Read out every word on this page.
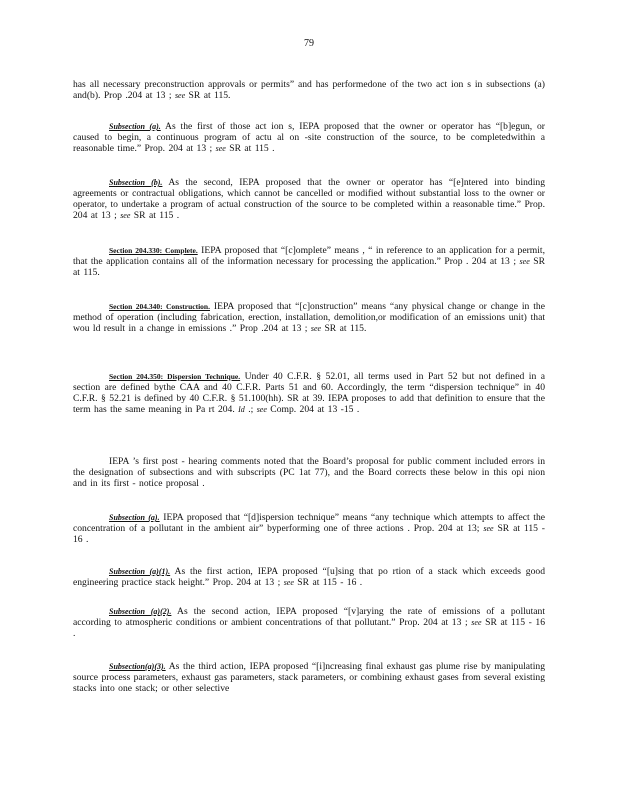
79

has all necessary preconstruction approvals or permits” and has performedone of the two act ion s in subsections (a) and(b). Prop .204 at 13 ; see SR at 115.

Subsection (a). As the first of those act ion s, IEPA proposed that the owner or operator has “[b]egun, or caused to begin, a continuous program of actu al on -site construction of the source, to be completedwithin a reasonable time.” Prop. 204 at 13 ; see SR at 115 .

Subsection (b). As the second, IEPA proposed that the owner or operator has “[e]ntered into binding agreements or contractual obligations, which cannot be cancelled or modified without substantial loss to the owner or operator, to undertake a program of actual construction of the source to be completed within a reasonable time.” Prop. 204 at 13 ; see SR at 115 .

Section 204.330: Complete. IEPA proposed that “[c]omplete” means , “ in reference to an application for a permit, that the application contains all of the information necessary for processing the application.” Prop . 204 at 13 ; see SR at 115.

Section 204.340: Construction. IEPA proposed that “[c]onstruction” means “any physical change or change in the method of operation (including fabrication, erection, installation, demolition,or modification of an emissions unit) that wou ld result in a change in emissions .” Prop .204 at 13 ; see SR at 115.

Section 204.350: Dispersion Technique. Under 40 C.F.R. § 52.01, all terms used in Part 52 but not defined in a section are defined bythe CAA and 40 C.F.R. Parts 51 and 60. Accordingly, the term “dispersion technique” in 40 C.F.R. § 52.21 is defined by 40 C.F.R. § 51.100(hh). SR at 39. IEPA proposes to add that definition to ensure that the term has the same meaning in Pa rt 204. Id .; see Comp. 204 at 13 -15 .

IEPA ’s first post - hearing comments noted that the Board’s proposal for public comment included errors in the designation of subsections and with subscripts (PC 1at 77), and the Board corrects these below in this opi nion and in its first - notice proposal .

Subsection (a). IEPA proposed that “[d]ispersion technique” means “any technique which attempts to affect the concentration of a pollutant in the ambient air” byperforming one of three actions . Prop. 204 at 13; see SR at 115 - 16 .

Subsection (a)(1). As the first action, IEPA proposed “[u]sing that po rtion of a stack which exceeds good engineering practice stack height.” Prop. 204 at 13 ; see SR at 115 - 16 .

Subsection (a)(2). As the second action, IEPA proposed “[v]arying the rate of emissions of a pollutant according to atmospheric conditions or ambient concentrations of that pollutant.” Prop. 204 at 13 ; see SR at 115 - 16 .

Subsection(a)(3). As the third action, IEPA proposed “[i]ncreasing final exhaust gas plume rise by manipulating source process parameters, exhaust gas parameters, stack parameters, or combining exhaust gases from several existing stacks into one stack; or other selective
